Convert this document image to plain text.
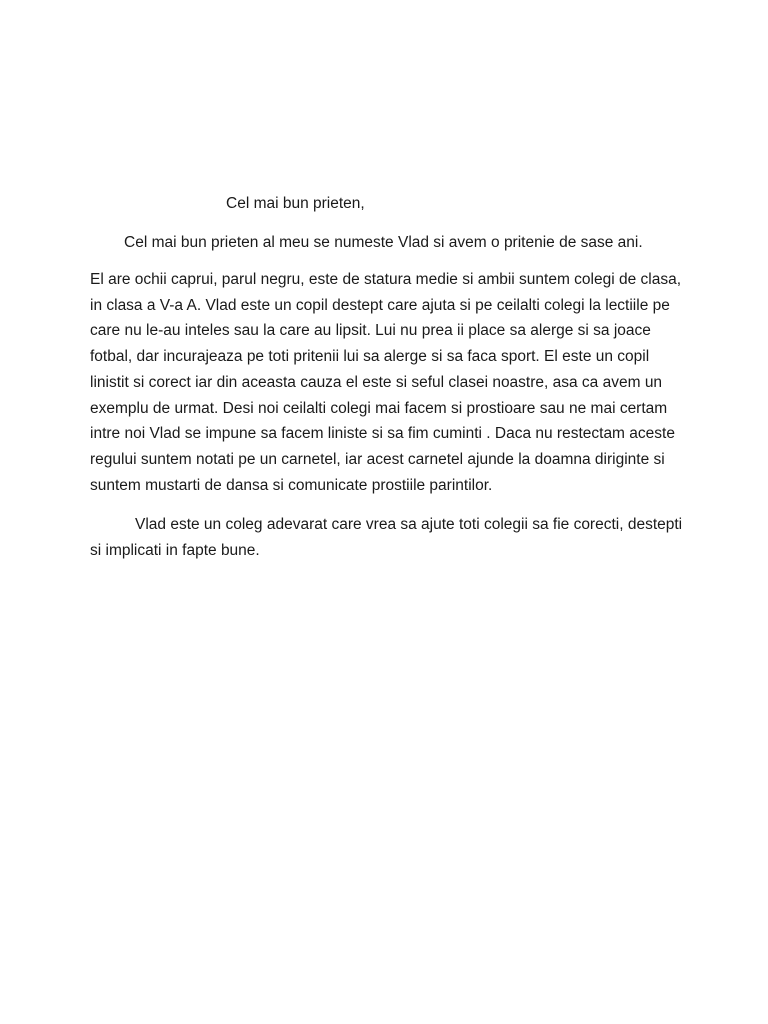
Cel mai bun prieten,

Cel mai bun prieten al meu se numeste Vlad si avem o pritenie de sase ani.

El are ochii caprui, parul negru, este de statura medie si ambii suntem colegi de clasa, in clasa a V-a A. Vlad este un copil destept care ajuta si pe ceilalti colegi la lectiile pe care nu le-au inteles sau la care au lipsit. Lui nu prea ii place sa alerge si sa joace fotbal, dar incurajeaza pe toti pritenii lui sa alerge si sa faca sport. El este un copil linistit si corect iar din aceasta cauza el este si seful clasei noastre, asa ca avem un exemplu de urmat. Desi noi ceilalti colegi mai facem si prostioare sau ne mai certam intre noi Vlad se impune sa facem liniste si sa fim cuminti . Daca nu restectam aceste regului suntem notati pe un carnetel, iar acest carnetel ajunde la doamna diriginte si suntem mustarti de dansa si comunicate prostiile parintilor.

Vlad este un coleg adevarat care vrea sa ajute toti colegii sa fie corecti, destepti si implicati in fapte bune.
